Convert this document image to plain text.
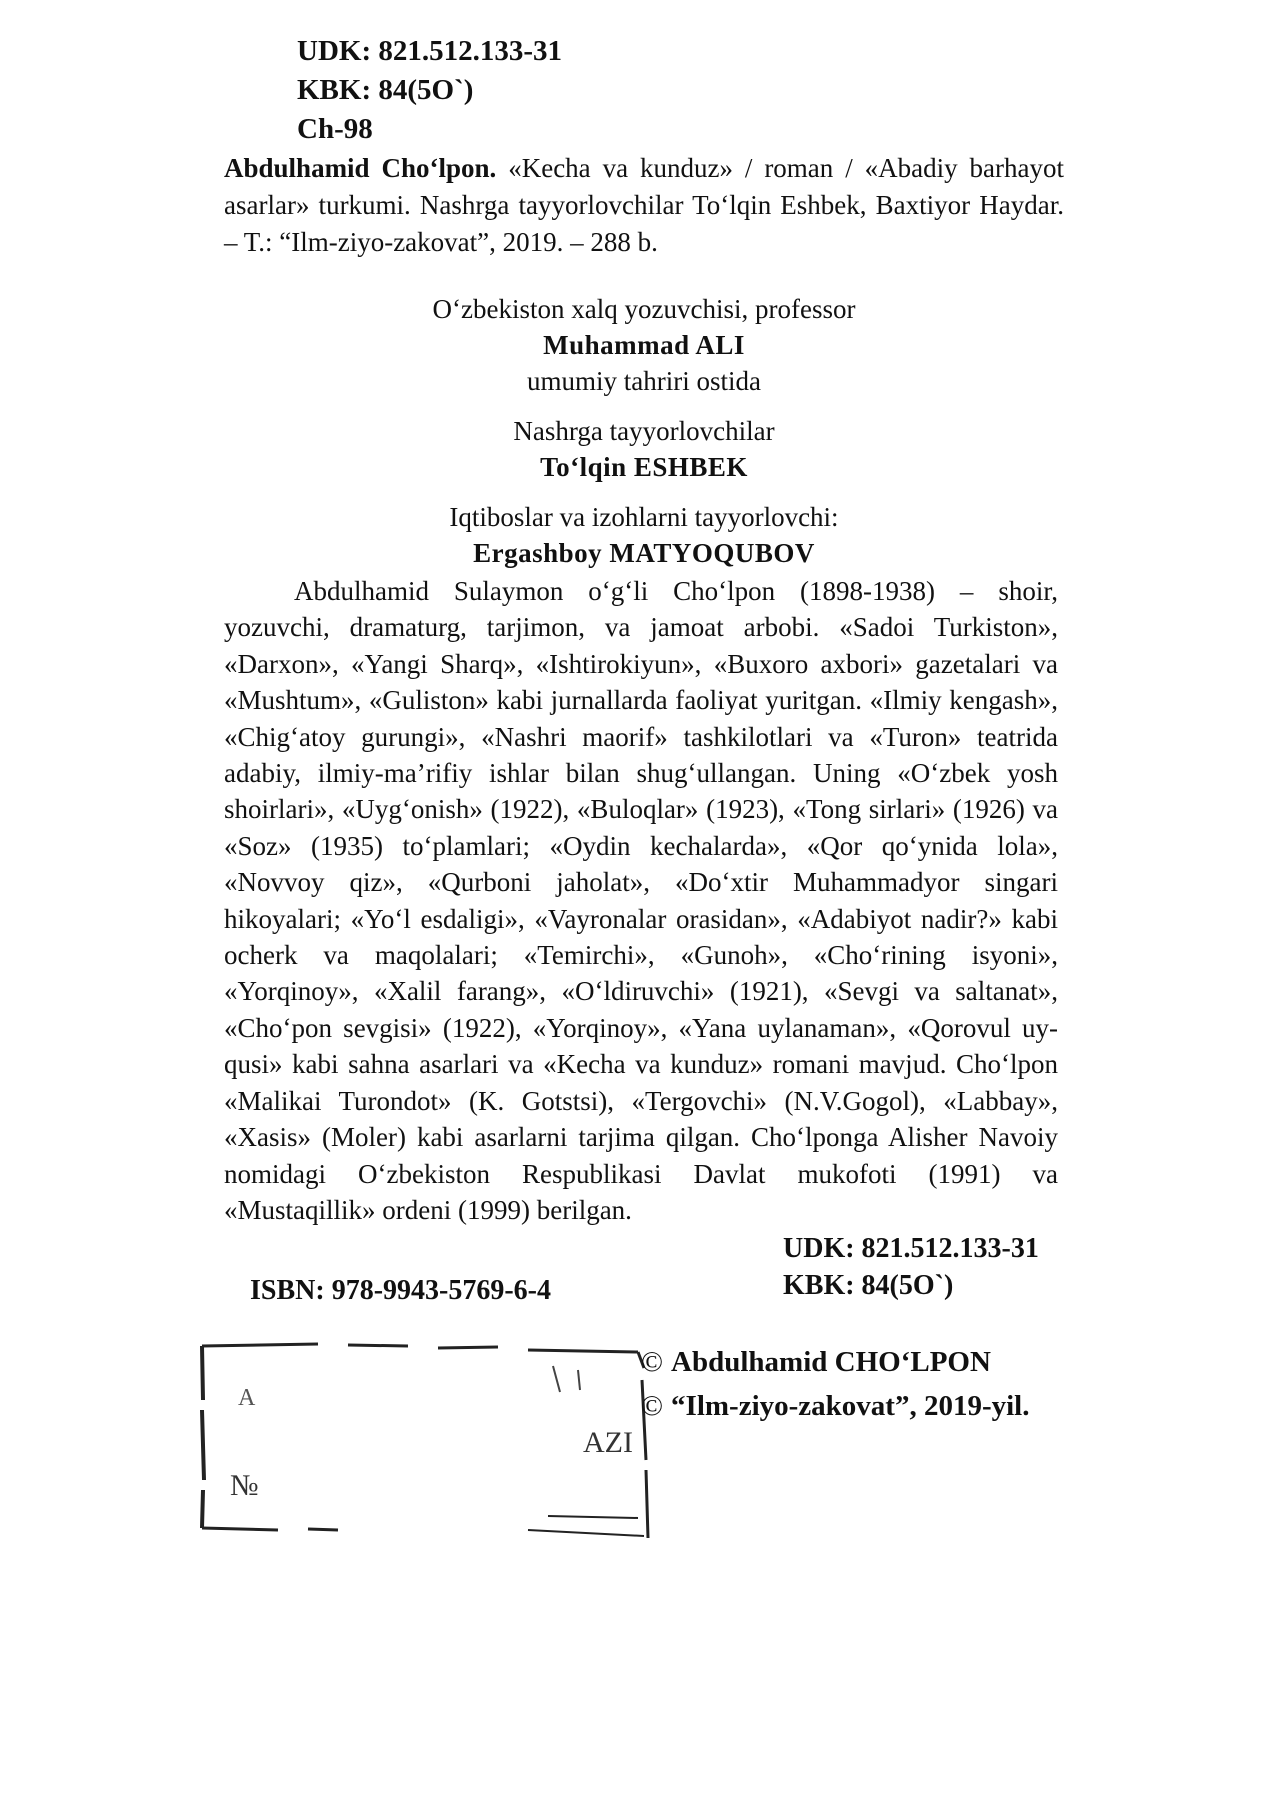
UDK: 821.512.133-31
KBK: 84(5O`)
Ch-98
Abdulhamid Cho‘lpon. «Kecha va kunduz» / roman / «Abadiy barhayot asarlar» turkumi. Nashrga tayyorlovchilar To‘lqin Eshbek, Baxtiyor Haydar. – T.: “Ilm-ziyo-zakovat”, 2019. – 288 b.
O‘zbekiston xalq yozuvchisi, professor
Muhammad ALI
umumiy tahriri ostida
Nashrga tayyorlovchilar
To‘lqin ESHBEK
Iqtiboslar va izohlarni tayyorlovchi:
Ergashboy MATYOQUBOV
Abdulhamid Sulaymon o‘g‘li Cho‘lpon (1898-1938) – shoir, yozuvchi, dramaturg, tarjimon, va jamoat arbobi. «Sadoi Turkiston», «Darxon», «Yangi Sharq», «Ishtirokiyun», «Buxoro axbori» gazetalari va «Mushtum», «Guliston» kabi jurnallarda faoliyat yuritgan. «Ilmiy kengash», «Chig‘atoy gurungi», «Nashri maorif» tashkilotlari va «Turon» teatrida adabiy, ilmiy-ma’rifiy ishlar bilan shug‘ullangan. Uning «O‘zbek yosh shoirlari», «Uyg‘onish» (1922), «Buloqlar» (1923), «Tong sirlari» (1926) va «Soz» (1935) to‘plamlari; «Oydin kechalarda», «Qor qo‘ynida lola», «Novvoy qiz», «Qurboni jaholat», «Do‘xtir Muhammadyor singari hikoyalari; «Yo‘l esdaligi», «Vayronalar orasidan», «Adabiyot nadir?» kabi ocherk va maqolalari; «Temirchi», «Gunoh», «Cho‘rining isyoni», «Yorqinoy», «Xalil farang», «O‘ldiruvchi» (1921), «Sevgi va saltanat», «Cho‘pon sevgisi» (1922), «Yorqinoy», «Yana uylanaman», «Qorovul uy-qusi» kabi sahna asarlari va «Kecha va kunduz» romani mavjud. Cho‘lpon «Malikai Turondot» (K. Gotstsi), «Tergovchi» (N.V.Gogol), «Labbay», «Xasis» (Moler) kabi asarlarni tarjima qilgan. Cho‘lponga Alisher Navoiy nomidagi O‘zbekiston Respublikasi Davlat mukofoti (1991) va «Mustaqillik» ordeni (1999) berilgan.
UDK: 821.512.133-31
KBK: 84(5O`)
ISBN: 978-9943-5769-6-4
A
AZI
№
© Abdulhamid CHO‘LPON
© “Ilm-ziyo-zakovat”, 2019-yil.
